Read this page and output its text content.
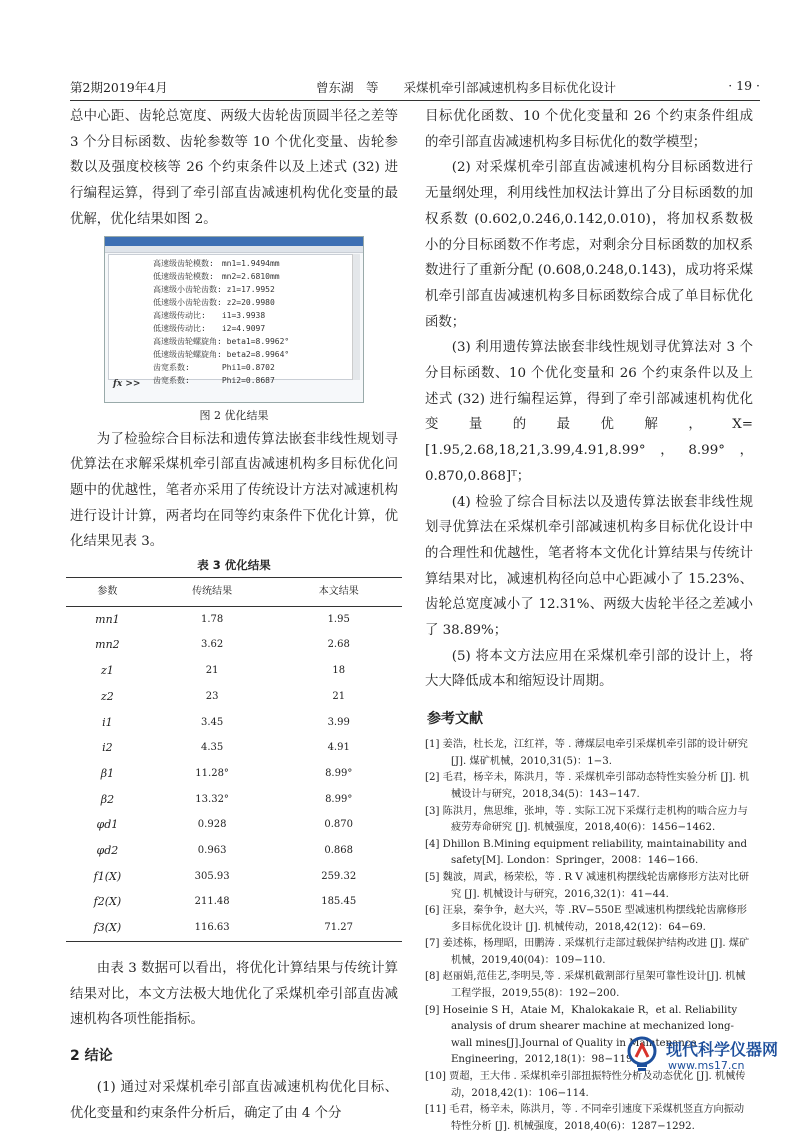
第2期2019年4月	曾东湖　等　　采煤机牵引部减速机构多目标优化设计	· 19 ·

总中心距、齿轮总宽度、两级大齿轮齿顶圆半径之差等 3 个分目标函数、齿轮参数等 10 个优化变量、齿轮参数以及强度校核等 26 个约束条件以及上述式 (32) 进行编程运算，得到了牵引部直齿减速机构优化变量的最优解，优化结果如图 2。

高速级齿轮模数:　mn1=1.9494mm
低速级齿轮模数:　mn2=2.6810mm
高速级小齿轮齿数: z1=17.9952
低速级小齿轮齿数: z2=20.9980
高速级传动比:　　i1=3.9938
低速级传动比:　　i2=4.9097
高速级齿轮螺旋角: beta1=8.9962°
低速级齿轮螺旋角: beta2=8.9964°
齿宽系数:　　　　Phi1=0.8702
齿宽系数:　　　　Phi2=0.8687
fx >>
图 2 优化结果

为了检验综合目标法和遗传算法嵌套非线性规划寻优算法在求解采煤机牵引部直齿减速机构多目标优化问题中的优越性，笔者亦采用了传统设计方法对减速机构进行设计计算，两者均在同等约束条件下优化计算，优化结果见表 3。

表 3 优化结果
参数	传统结果	本文结果
mn1	1.78	1.95
mn2	3.62	2.68
z1	21	18
z2	23	21
i1	3.45	3.99
i2	4.35	4.91
β1	11.28°	8.99°
β2	13.32°	8.99°
φd1	0.928	0.870
φd2	0.963	0.868
f1(X)	305.93	259.32
f2(X)	211.48	185.45
f3(X)	116.63	71.27

由表 3 数据可以看出，将优化计算结果与传统计算结果对比，本文方法极大地优化了采煤机牵引部直齿减速机构各项性能指标。

2 结论

(1) 通过对采煤机牵引部直齿减速机构优化目标、优化变量和约束条件分析后，确定了由 4 个分

目标优化函数、10 个优化变量和 26 个约束条件组成的牵引部直齿减速机构多目标优化的数学模型；

(2) 对采煤机牵引部直齿减速机构分目标函数进行无量纲处理，利用线性加权法计算出了分目标函数的加权系数 (0.602,0.246,0.142,0.010)，将加权系数极小的分目标函数不作考虑，对剩余分目标函数的加权系数进行了重新分配 (0.608,0.248,0.143)，成功将采煤机牵引部直齿减速机构多目标函数综合成了单目标优化函数；

(3) 利用遗传算法嵌套非线性规划寻优算法对 3 个分目标函数、10 个优化变量和 26 个约束条件以及上述式 (32) 进行编程运算，得到了牵引部减速机构优化变量的最优解，X=[1.95,2.68,18,21,3.99,4.91,8.99°，8.99°，0.870,0.868]ᵀ；

(4) 检验了综合目标法以及遗传算法嵌套非线性规划寻优算法在采煤机牵引部减速机构多目标优化设计中的合理性和优越性，笔者将本文优化计算结果与传统计算结果对比，减速机构径向总中心距减小了 15.23%、齿轮总宽度减小了 12.31%、两级大齿轮半径之差减小了 38.89%；

(5) 将本文方法应用在采煤机牵引部的设计上，将大大降低成本和缩短设计周期。

参考文献
[1] 姜浩，杜长龙，江红祥，等 . 薄煤层电牵引采煤机牵引部的设计研究 [J]. 煤矿机械，2010,31(5)：1−3.
[2] 毛君，杨辛未，陈洪月，等 . 采煤机牵引部动态特性实验分析 [J]. 机械设计与研究，2018,34(5)：143−147.
[3] 陈洪月，焦思维，张坤，等 . 实际工况下采煤行走机构的啮合应力与疲劳寿命研究 [J]. 机械强度，2018,40(6)：1456−1462.
[4] Dhillon B.Mining equipment reliability, maintainability and safety[M]. London：Springer，2008：146−166.
[5] 魏波，周武，杨荣松，等 . R V 减速机构摆线轮齿廓修形方法对比研究 [J]. 机械设计与研究，2016,32(1)：41−44.
[6] 汪泉，秦争争，赵大兴，等 .RV−550E 型减速机构摆线轮齿廓修形多目标优化设计 [J]. 机械传动，2018,42(12)：64−69.
[7] 姜述栋，杨理昭，田鹏涛 . 采煤机行走部过载保护结构改进 [J]. 煤矿机械，2019,40(04)：109−110.
[8] 赵丽娟,范佳艺,李明昊,等 . 采煤机截割部行星架可靠性设计[J]. 机械工程学报，2019,55(8)：192−200.
[9] Hoseinie S H，Ataie M，Khalokakaie R，et al. Reliability analysis of drum shearer machine at mechanized long-wall mines[J].Journal of Quality in Maintenance Engineering，2012,18(1)：98−119.
[10] 贾超，王大伟 . 采煤机牵引部扭振特性分析及动态优化 [J]. 机械传动，2018,42(1)：106−114.
[11] 毛君，杨辛未，陈洪月，等 . 不同牵引速度下采煤机竖直方向振动特性分析 [J]. 机械强度，2018,40(6)：1287−1292.
现代科学仪器网
www.ms17.cn
